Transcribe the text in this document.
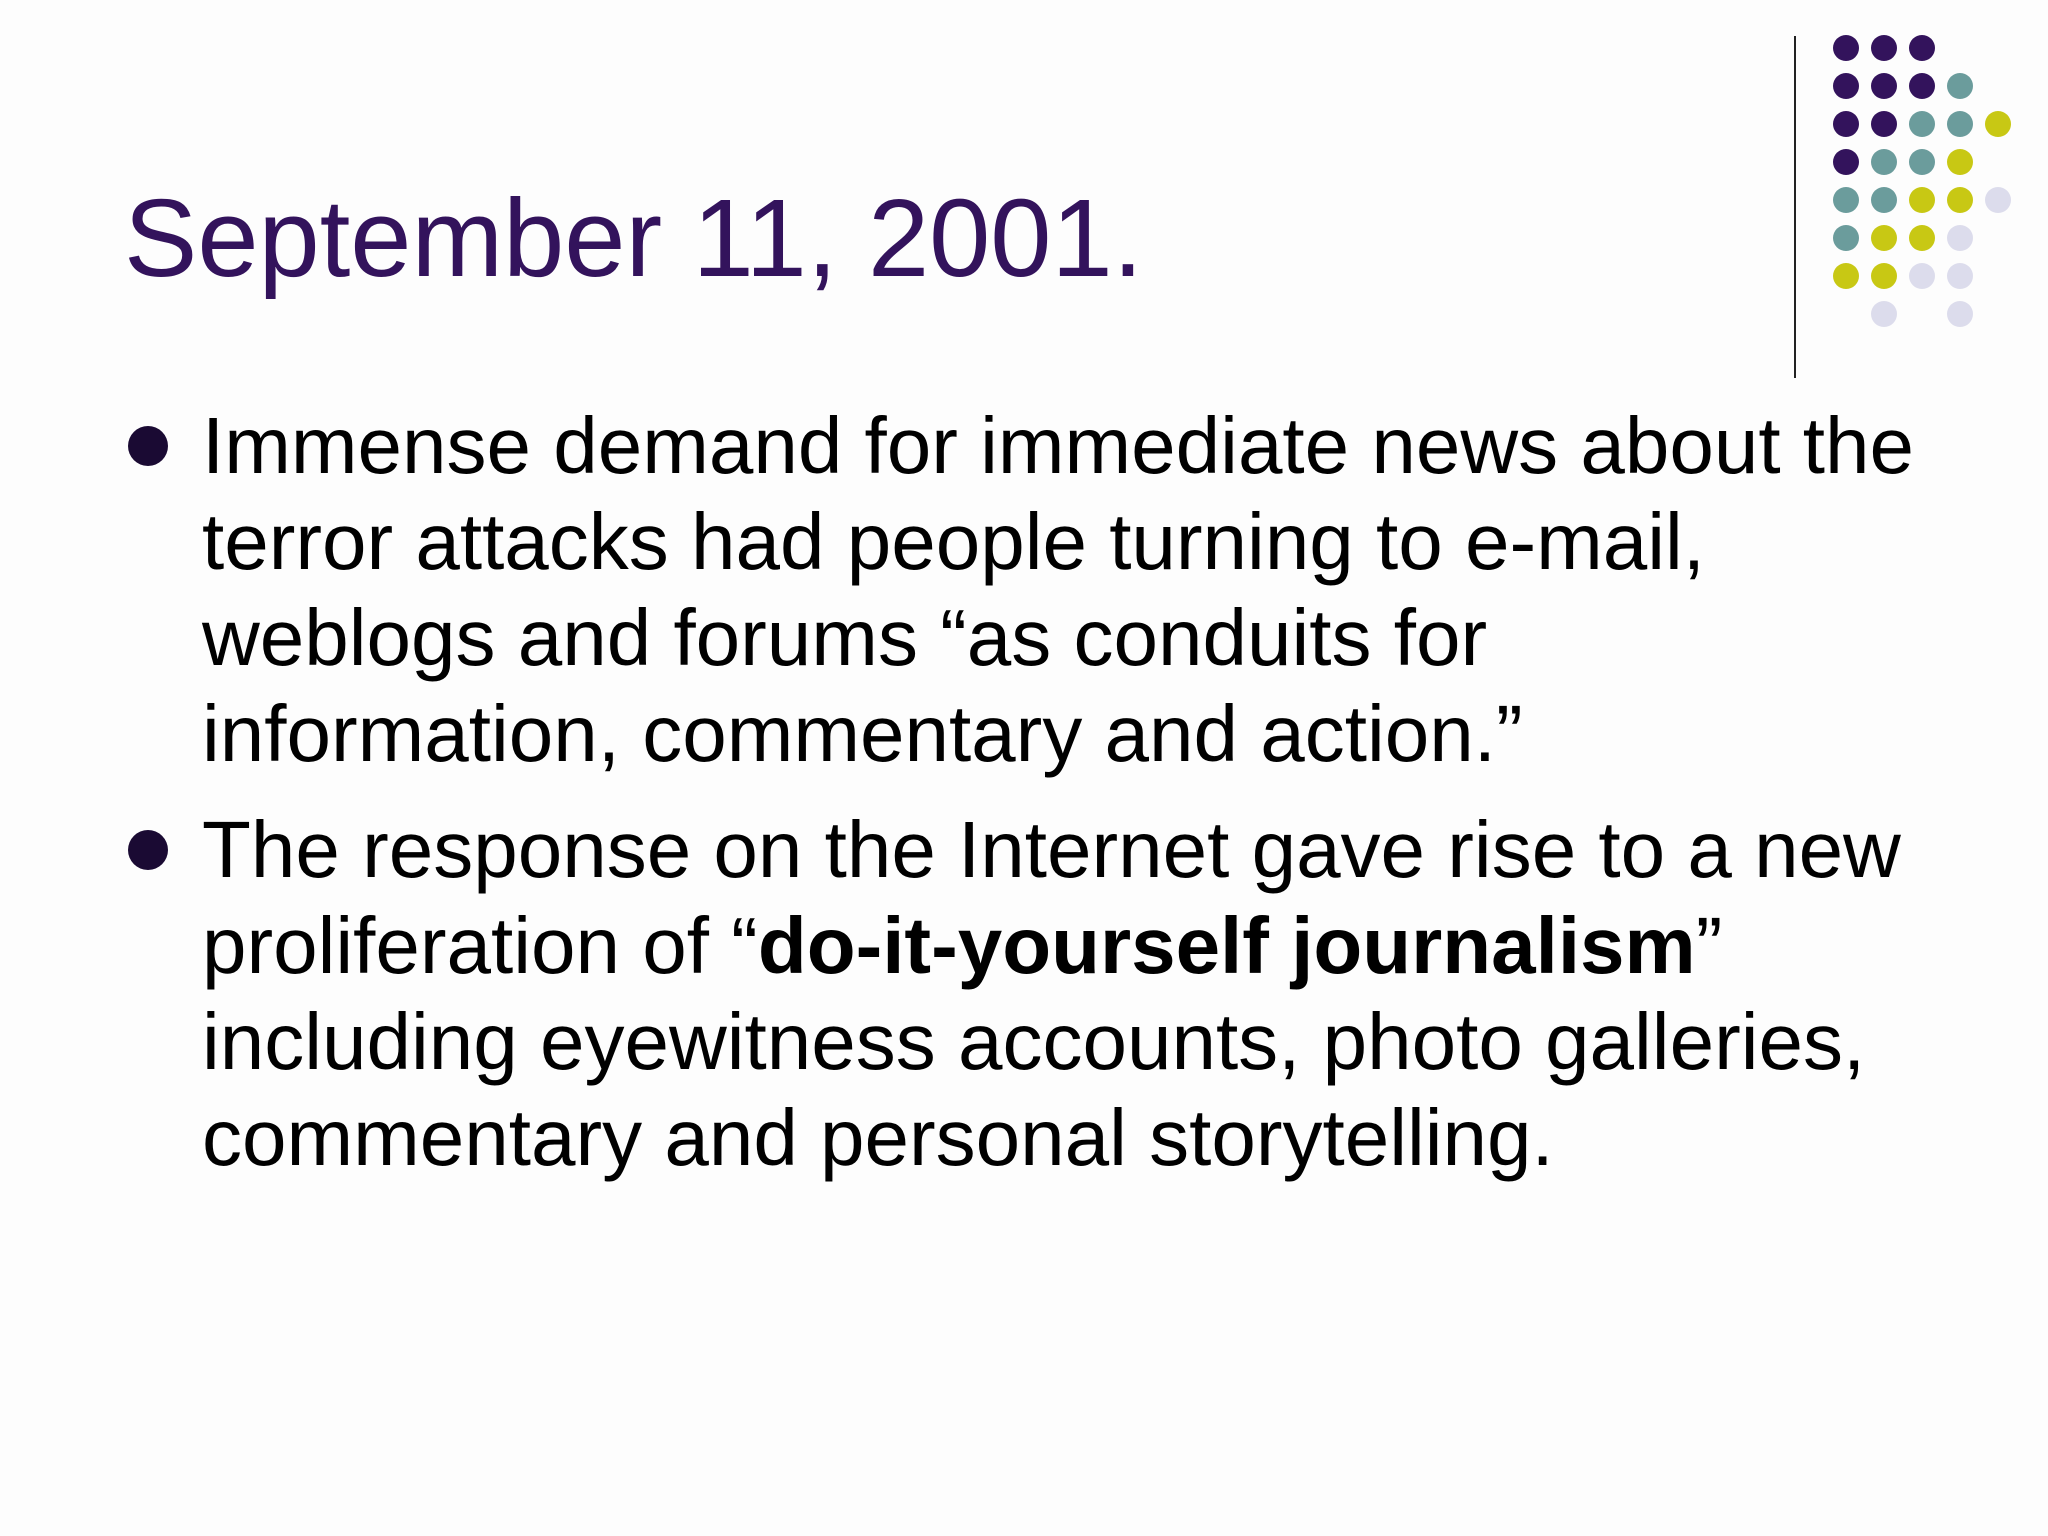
September 11, 2001.
Immense demand for immediate news about the terror attacks had people turning to e-mail, weblogs and forums “as conduits for information, commentary and action.”
The response on the Internet gave rise to a new proliferation of “do-it-yourself journalism” including eyewitness accounts, photo galleries, commentary and personal storytelling.
